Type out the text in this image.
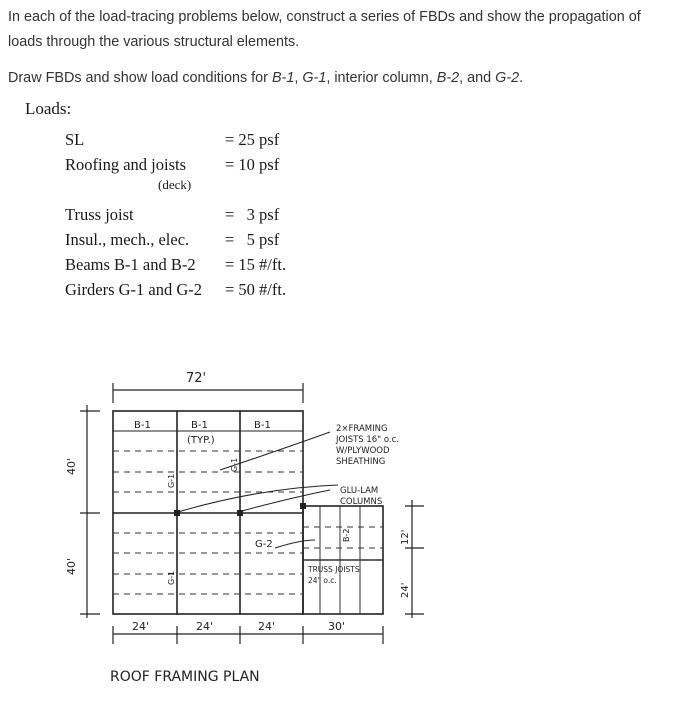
In each of the load-tracing problems below, construct a series of FBDs and show the propagation of loads through the various structural elements.

Draw FBDs and show load conditions for B-1, G-1, interior column, B-2, and G-2.

Loads:
SL	= 25 psf
Roofing and joists = 10 psf
(deck)
Truss joist	=   3 psf
Insul., mech., elec. =   5 psf
Beams B-1 and B-2 = 15 #/ft.
Girders G-1 and G-2 = 50 #/ft.
72'
24'	24'	24'	30'
40'
40'
12'
24'
B-1	B-1
(TYP.)
B-1
G-1
G-1
G-1
G-2
B-2
2×FRAMING
JOISTS 16" o.c.
W/PLYWOOD
SHEATHING
GLU-LAM
COLUMNS
TRUSS JOISTS
24" o.c.
ROOF FRAMING PLAN
